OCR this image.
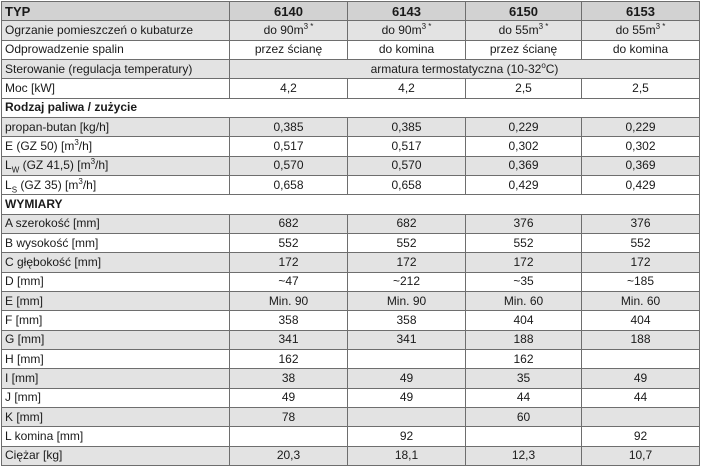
TYP	6140	6143	6150	6153
Ogrzanie pomieszczeń o kubaturze	do $90m^{3 *}$	do $90m^{3 *}$	do $55m^{3 *}$	do $55m^{3 *}$
Odprowadzenie spalin	przez ścianę	do komina	przez ścianę	do komina
Sterowanie (regulacja temperatury)	armatura termostatyczna (10-32$^o$C)			
Moc [kW]	4,2	4,2	2,5	2,5
Rodzaj paliwa / zużycie				
propan-butan [kg/h]	0,385	0,385	0,229	0,229
E (GZ 50) $[m^3/h]$	0,517	0,517	0,302	0,302
$L_W$ (GZ 41,5) $[m^3/h]$	0,570	0,570	0,369	0,369
$L_S$ (GZ 35) $[m^3/h]$	0,658	0,658	0,429	0,429
WYMIARY				
A szerokość [mm]	682	682	376	376
B wysokość [mm]	552	552	552	552
C głębokość [mm]	172	172	172	172
D [mm]	~47	~212	~35	~185
E [mm]	Min. 90	Min. 90	Min. 60	Min. 60
F [mm]	358	358	404	404
G [mm]	341	341	188	188
H [mm]	162		162	
I [mm]	38	49	35	49
J [mm]	49	49	44	44
K [mm]	78		60	
L komina [mm]		92		92
Ciężar [kg]	20,3	18,1	12,3	10,7
